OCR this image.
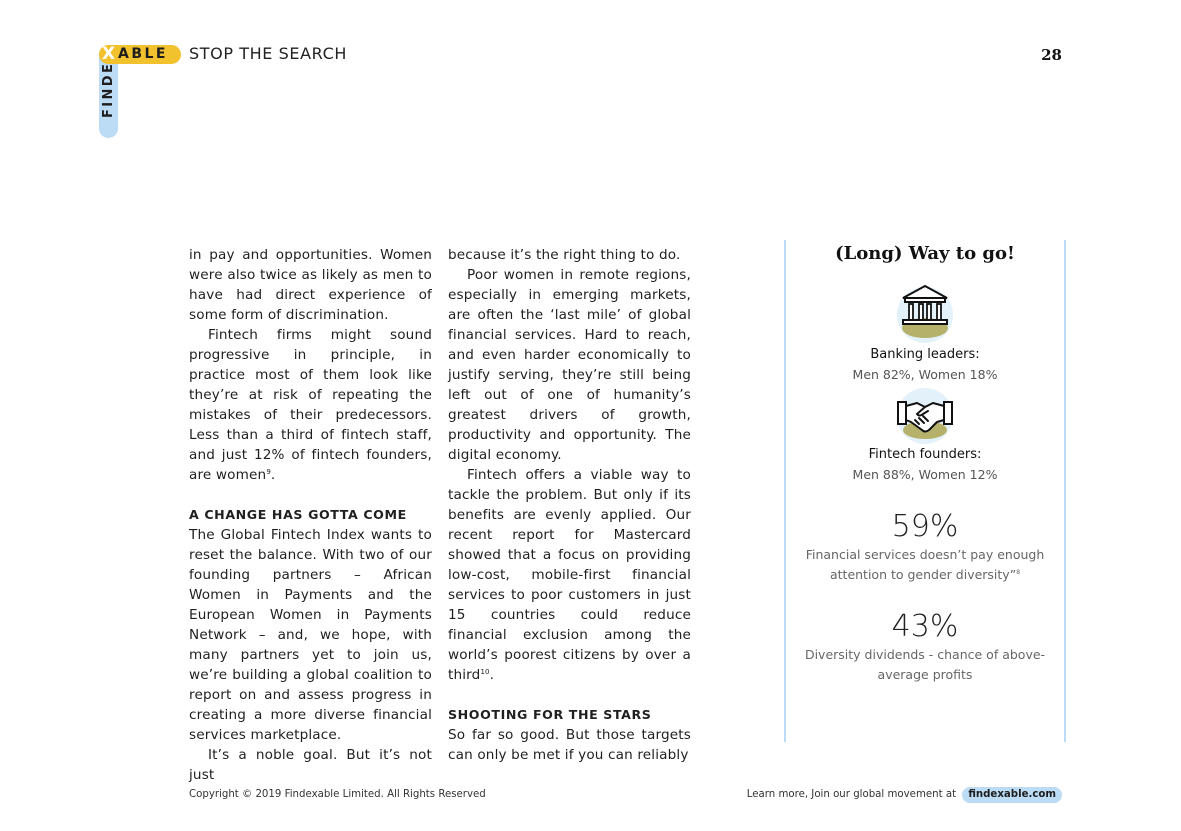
X ABLE
FINDE
STOP THE SEARCH	28

in pay and opportunities. Women were also twice as likely as men to have had direct experience of some form of discrimination.

Fintech firms might sound progressive in principle, in practice most of them look like they’re at risk of repeating the mistakes of their predecessors. Less than a third of fintech staff, and just 12% of fintech founders, are women$^9$.

A CHANGE HAS GOTTA COME

The Global Fintech Index wants to reset the balance. With two of our founding partners – African Women in Payments and the European Women in Payments Network – and, we hope, with many partners yet to join us, we’re building a global coalition to report on and assess progress in creating a more diverse financial services marketplace.

It’s a noble goal. But it’s not just

because it’s the right thing to do.

Poor women in remote regions, especially in emerging markets, are often the ‘last mile’ of global financial services. Hard to reach, and even harder economically to justify serving, they’re still being left out of one of humanity’s greatest drivers of growth, productivity and opportunity. The digital economy.

Fintech offers a viable way to tackle the problem. But only if its benefits are evenly applied. Our recent report for Mastercard showed that a focus on providing low-cost, mobile-first financial services to poor customers in just 15 countries could reduce financial exclusion among the world’s poorest citizens by over a third$^{10}$.

SHOOTING FOR THE STARS

So far so good. But those targets can only be met if you can reliably

(Long) Way to go!
Banking leaders:
Men 82%, Women 18%
Fintech founders:
Men 88%, Women 12%
59%
Financial services doesn’t pay enough attention to gender diversity”$^8$
43%
Diversity dividends - chance of above-average profits
Copyright © 2019 Findexable Limited. All Rights Reserved	Learn more, Join our global movement at findexable.com
